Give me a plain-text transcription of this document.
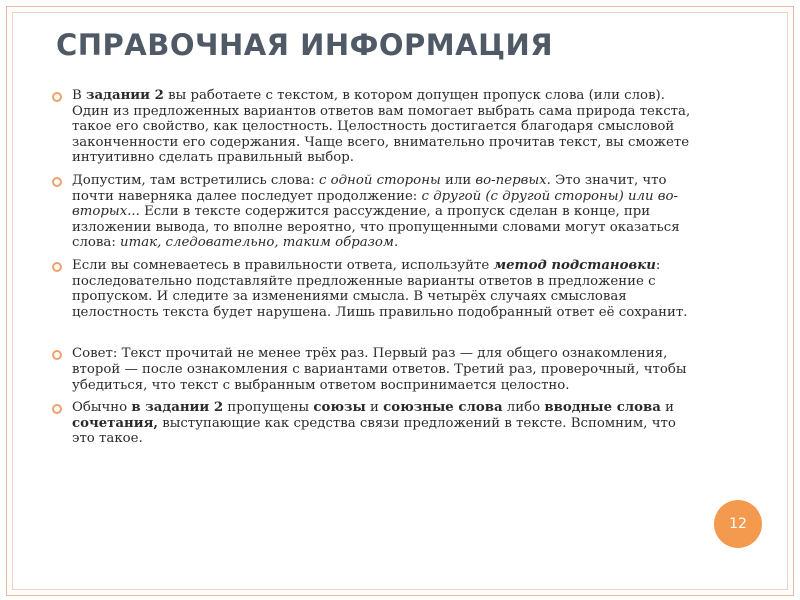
СПРАВОЧНАЯ ИНФОРМАЦИЯ
В задании 2 вы работаете с текстом, в котором допущен пропуск слова (или слов). Один из предложенных вариантов ответов вам помогает выбрать сама природа текста, такое его свойство, как целостность. Целостность достигается благодаря смысловой законченности его содержания. Чаще всего, внимательно прочитав текст, вы сможете интуитивно сделать правильный выбор.
Допустим, там встретились слова: с одной стороны или во-первых. Это значит, что почти наверняка далее последует продолжение: с другой (с другой стороны) или во-вторых... Если в тексте содержится рассуждение, а пропуск сделан в конце, при изложении вывода, то вполне вероятно, что пропущенными словами могут оказаться слова: итак, следовательно, таким образом.
Если вы сомневаетесь в правильности ответа, используйте метод подстановки: последовательно подставляйте предложенные варианты ответов в предложение с пропуском. И следите за изменениями смысла. В четырёх случаях смысловая целостность текста будет нарушена. Лишь правильно подобранный ответ её сохранит.
Совет: Текст прочитай не менее трёх раз. Первый раз — для общего ознакомления, второй — после ознакомления с вариантами ответов. Третий раз, проверочный, чтобы убедиться, что текст с выбранным ответом воспринимается целостно.
Обычно в задании 2 пропущены союзы и союзные слова либо вводные слова и сочетания, выступающие как средства связи предложений в тексте. Вспомним, что это такое.
12
